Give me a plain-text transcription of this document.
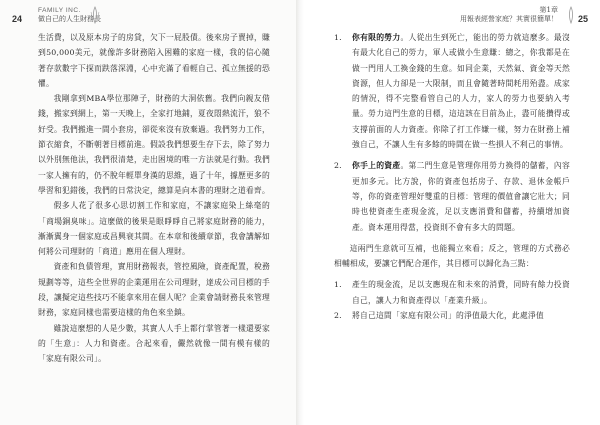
24
FAMILY INC.
做自己的人生財務長

生活費，以及原本房子的房貸，欠下一屁股債。後來房子賣掉，賺到50,000美元，就像許多財務陷入困難的家庭一樣，我的信心隨著存款數字下探而跌落深淵，心中充滿了看輕自己、孤立無援的恐懼。

我剛拿到MBA學位那陣子，財務的大洞依舊。我們向親友借錢，搬家到網上，第一天晚上，全家打地鋪，夏夜悶熱流汗，狼不好受。我們搬進一間小套房，卻從來沒有放棄過。我們努力工作，節衣縮食，不斷朝著目標前進。假設我們想要生存下去，除了努力以外別無他法，我們很清楚，走出困境的唯一方法就是行動。我們一家人擁有的，仍不脫年輕單身漢的思維，過了十年，據歷更多的學習和犯錯後，我們的日常決定，總算是向本書的理財之道看齊。

假多人花了很多心思切割工作和家庭，不讓家庭染上絲毫的「商場銅臭味」。這麼做的後果是眼睜睜自己將家庭財務的能力，漸漸翼身一個家庭或昌興衰其間。在本章和後續章節，我會講解如何將公司理財的「商道」應用在個人理財。

資產和負債管理，實用財務報表，管控風險，資產配置，稅務規劃等等，這些全世界的企業運用在公司理財，達成公司目標的手段，讓擬定這些技巧不能拿來用在個人呢？企業會請財務長來管理財務，家庭同樣也需要這樣的角色來坐鎮。

雖說這麼想的人是少數，其實人人手上都行掌管著一樣還要家的「生意」：人力和資產。合起來看，儼然就像一間有模有樣的「家庭有限公司」。

25
第1章
用報表經營家庭？其實很簡單！
1. 你有限的勞力。人從出生到死亡，能出的勞力就這麼多。最沒有最大化自己的勞力，軍人或做小生意賺：總之，你我都是在做一門用人工換金錢的生意。如同企業，天然氣、資金等天然資源，但人力卻是一大限制，而且會隨著時間耗用殆盡。成家的情況，得不完整看管自己的人力，家人的勞力也要納入考量。勞力這門生意的目標，這這該在目前為止，盡可能攢得或支撐前面的人力資產。你除了打工作嫌一樣，努力在財務上補強自己，不讓人生有多餘的時間在做一些損人不利己的事情。
2. 你手上的資產。第二門生意是管理你用勞力換得的儲蓄，內容更加多元。比方說，你的資產包括房子、存款、退休金帳戶等，你的資產管理好雙重的目標：管理的價值會讓它壯大；同時也使資產生產現金流，足以支應消費和儲蓄，持續增加資產。資本運用得當，投資則不會有多大的問題。

這兩門生意就可互補，也能獨立來看；反之，管理的方式務必相輔相成，要讓它們配合運作，其目標可以歸化為三點：

1. 產生的現金流，足以支應現在和未來的消費，同時有餘力投資自己，讓人力和資產得以「產業升級」。
2. 將自己這間「家庭有限公司」的淨值最大化，此處淨值
